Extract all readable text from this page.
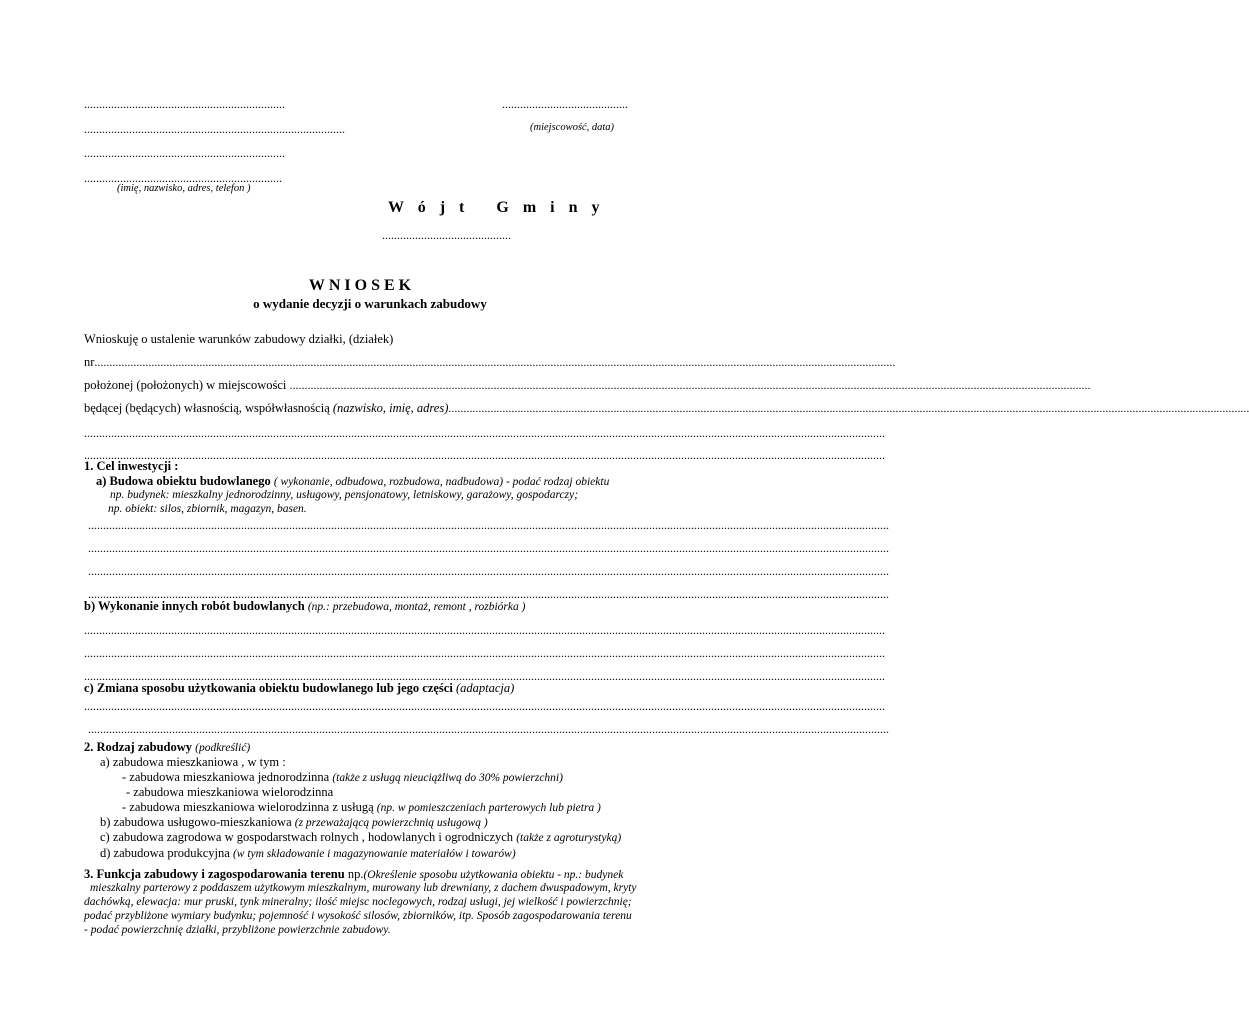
...................................................................
.......................................................................................
...................................................................
..................................................................
(imię, nazwisko, adres, telefon )
..........................................
(miejscowość, data)
W ó j t   G m i n y
...........................................
WNIOSEK
o wydanie decyzji o warunkach zabudowy
Wnioskuję o ustalenie warunków zabudowy działki, (działek)
nr...........................................................................................................................................................................................................................................................................
położonej (położonych) w miejscowości ...........................................................................................................................................................................................................................................................................
będącej (będących) własnością, współwłasnością (nazwisko, imię, adres)...........................................................................................................................................................................................................................................................................
...........................................................................................................................................................................................................................................................................
...........................................................................................................................................................................................................................................................................
1. Cel inwestycji :
a) Budowa obiektu budowlanego ( wykonanie, odbudowa, rozbudowa, nadbudowa) - podać rodzaj obiektu
np. budynek: mieszkalny jednorodzinny, usługowy, pensjonatowy, letniskowy, garażowy, gospodarczy;
np. obiekt: silos, zbiornik, magazyn, basen.
...........................................................................................................................................................................................................................................................................
...........................................................................................................................................................................................................................................................................
...........................................................................................................................................................................................................................................................................
...........................................................................................................................................................................................................................................................................
b) Wykonanie innych robót budowlanych (np.: przebudowa, montaż, remont , rozbiórka )
...........................................................................................................................................................................................................................................................................
...........................................................................................................................................................................................................................................................................
...........................................................................................................................................................................................................................................................................
c) Zmiana sposobu użytkowania obiektu budowlanego lub jego części (adaptacja)
...........................................................................................................................................................................................................................................................................
...........................................................................................................................................................................................................................................................................
2. Rodzaj zabudowy (podkreślić)
a) zabudowa mieszkaniowa , w tym :
- zabudowa mieszkaniowa jednorodzinna (także z usługą nieuciążliwą do 30% powierzchni)
- zabudowa mieszkaniowa wielorodzinna
- zabudowa mieszkaniowa wielorodzinna z usługą (np. w pomieszczeniach parterowych lub pietra )
b) zabudowa usługowo-mieszkaniowa (z przeważającą powierzchnią usługową )
c) zabudowa zagrodowa w gospodarstwach rolnych , hodowlanych i ogrodniczych (także z agroturystyką)
d) zabudowa produkcyjna (w tym składowanie i magazynowanie materiałów i towarów)
3. Funkcja zabudowy i zagospodarowania terenu np.(Określenie sposobu użytkowania obiektu - np.: budynek
mieszkalny parterowy z poddaszem użytkowym mieszkalnym, murowany lub drewniany, z dachem dwuspadowym, kryty
dachówką, elewacja: mur pruski, tynk mineralny; ilość miejsc noclegowych, rodzaj usługi, jej wielkość i powierzchnię;
podać przybliżone wymiary budynku; pojemność i wysokość silosów, zbiorników, itp. Sposób zagospodarowania terenu
- podać powierzchnię działki, przybliżone powierzchnie zabudowy.
